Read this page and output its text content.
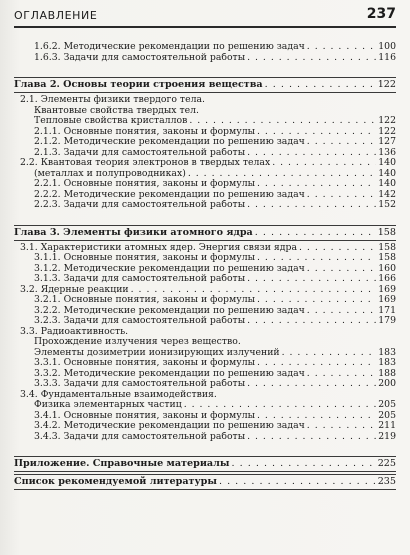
ОГЛАВЛЕНИЕ	237
1.6.2. Методические рекомендации по решению задач . . .	100
1.6.3. Задачи для самостоятельной работы . . .	116
Глава 2. Основы теории строения вещества . . .	122
2.1. Элементы физики твердого тела.
Квантовые свойства твердых тел.
Тепловые свойства кристаллов . . .	122
2.1.1. Основные понятия, законы и формулы . . .	122
2.1.2. Методические рекомендации по решению задач . . .	127
2.1.3. Задачи для самостоятельной работы . . .	136
2.2. Квантовая теория электронов в твердых телах . . .	140
(металлах и полупроводниках) . . .	140
2.2.1. Основные понятия, законы и формулы . . .	140
2.2.2. Методические рекомендации по решению задач . . .	142
2.2.3. Задачи для самостоятельной работы . . .	152
Глава 3. Элементы физики атомного ядра . . .	158
3.1. Характеристики атомных ядер. Энергия связи ядра . . .	158
3.1.1. Основные понятия, законы и формулы . . .	158
3.1.2. Методические рекомендации по решению задач . . .	160
3.1.3. Задачи для самостоятельной работы . . .	166
3.2. Ядерные реакции . . .	169
3.2.1. Основные понятия, законы и формулы . . .	169
3.2.2. Методические рекомендации по решению задач . . .	171
3.2.3. Задачи для самостоятельной работы . . .	179
3.3. Радиоактивность.
Прохождение излучения через вещество.
Элементы дозиметрии ионизирующих излучений . . .	183
3.3.1. Основные понятия, законы и формулы . . .	183
3.3.2. Методические рекомендации по решению задач . . .	188
3.3.3. Задачи для самостоятельной работы . . .	200
3.4. Фундаментальные взаимодействия.
Физика элементарных частиц . . .	205
3.4.1. Основные понятия, законы и формулы . . .	205
3.4.2. Методические рекомендации по решению задач . . .	211
3.4.3. Задачи для самостоятельной работы . . .	219
Приложение. Справочные материалы . . .	225
Список рекомендуемой литературы . . .	235
